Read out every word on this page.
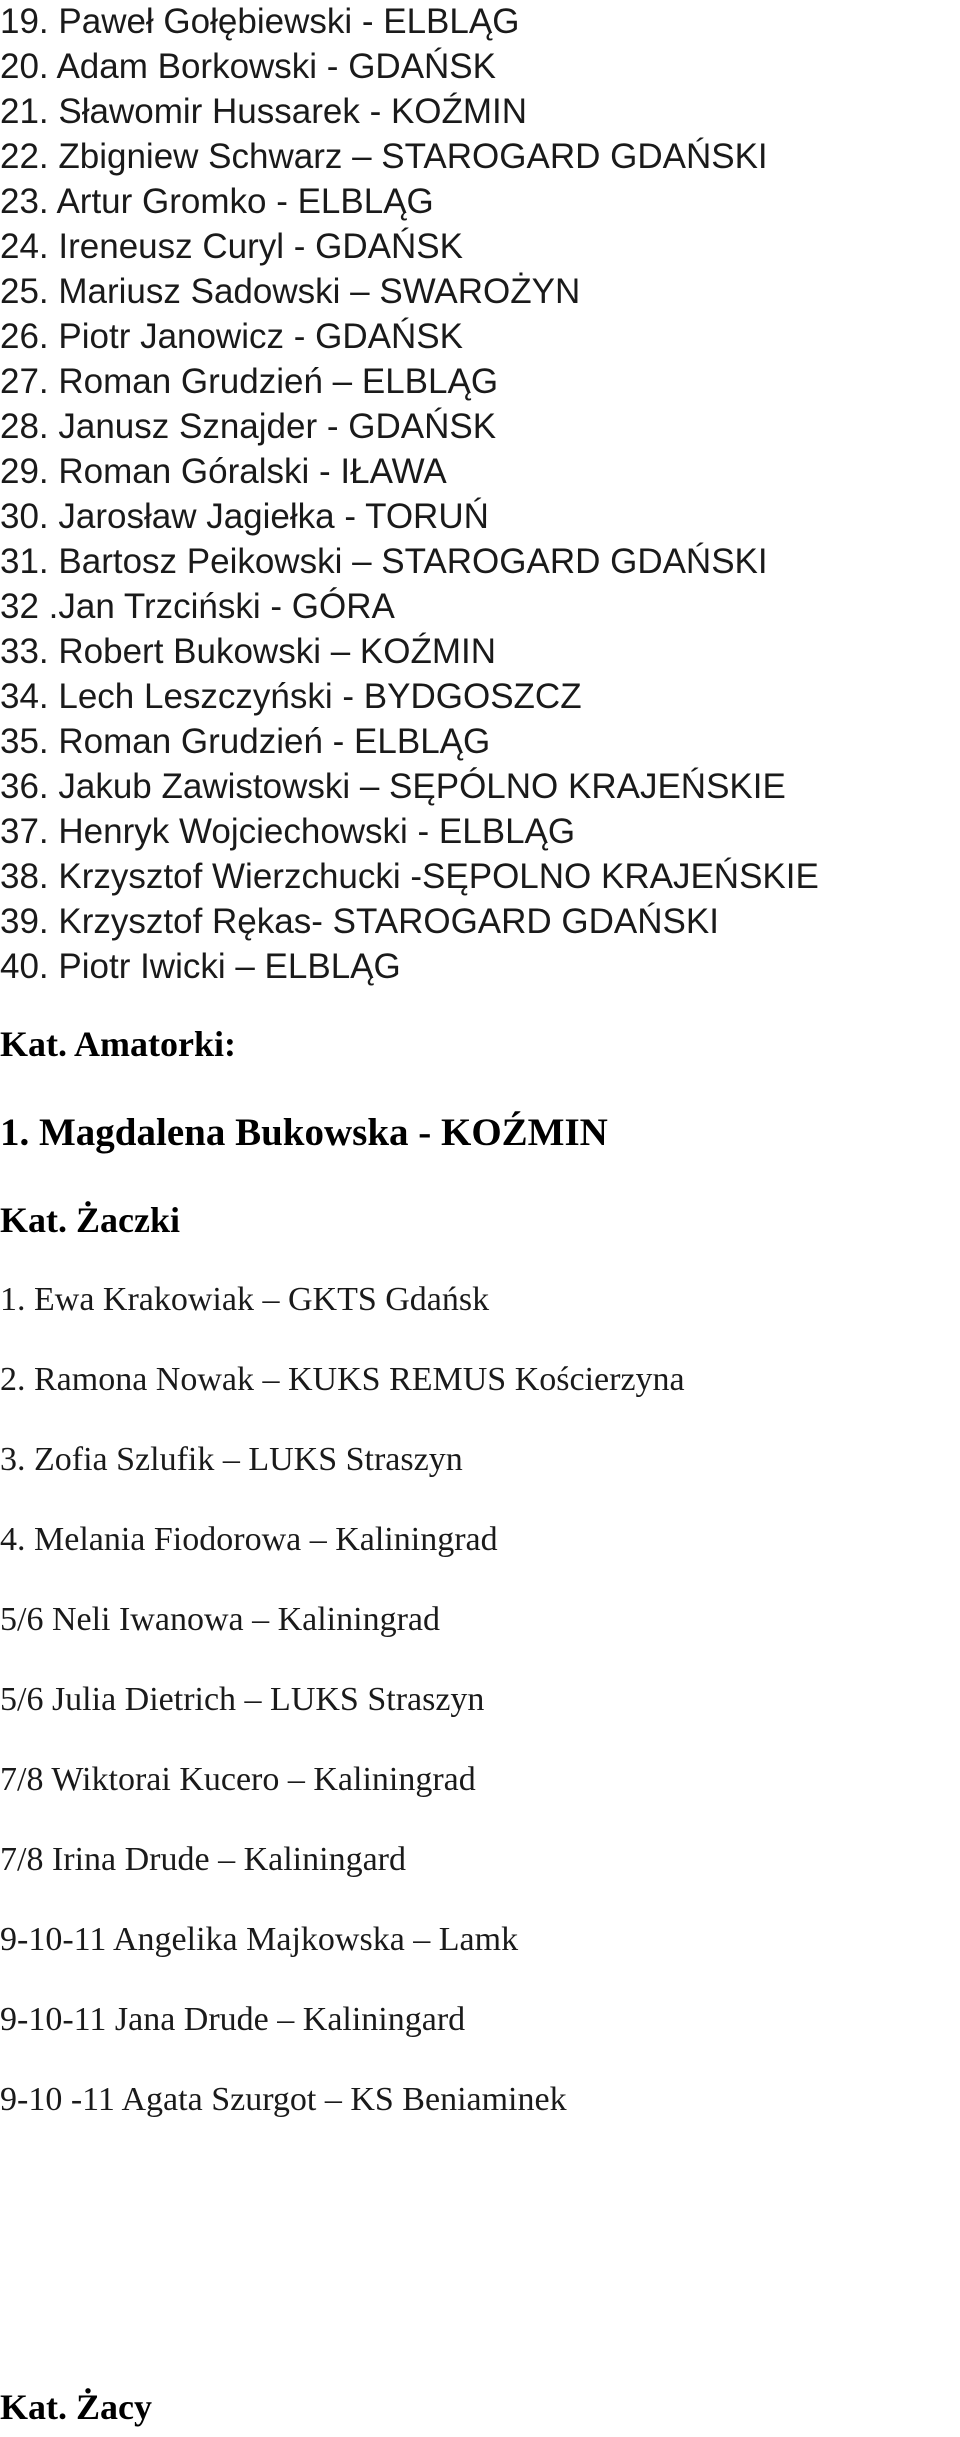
19. Paweł Gołębiewski - ELBLĄG
20. Adam Borkowski - GDAŃSK
21. Sławomir Hussarek - KOŹMIN
22. Zbigniew Schwarz – STAROGARD GDAŃSKI
23. Artur Gromko - ELBLĄG
24. Ireneusz Curyl - GDAŃSK
25. Mariusz Sadowski – SWAROŻYN
26. Piotr Janowicz - GDAŃSK
27. Roman Grudzień – ELBLĄG
28. Janusz Sznajder - GDAŃSK
29. Roman Góralski - IŁAWA
30. Jarosław Jagiełka - TORUŃ
31. Bartosz Peikowski – STAROGARD GDAŃSKI
32 .Jan Trzciński - GÓRA
33. Robert Bukowski – KOŹMIN
34. Lech Leszczyński - BYDGOSZCZ
35. Roman Grudzień - ELBLĄG
36. Jakub Zawistowski – SĘPÓLNO KRAJEŃSKIE
37. Henryk Wojciechowski - ELBLĄG
38. Krzysztof Wierzchucki -SĘPOLNO KRAJEŃSKIE
39. Krzysztof Rękas- STAROGARD GDAŃSKI
40. Piotr Iwicki – ELBLĄG
Kat. Amatorki:
1. Magdalena Bukowska - KOŹMIN
Kat. Żaczki
1. Ewa Krakowiak – GKTS Gdańsk
2. Ramona Nowak – KUKS REMUS Kościerzyna
3. Zofia Szlufik – LUKS Straszyn
4. Melania Fiodorowa – Kaliningrad
5/6 Neli Iwanowa – Kaliningrad
5/6 Julia Dietrich – LUKS Straszyn
7/8 Wiktorai Kucero – Kaliningrad
7/8 Irina Drude – Kaliningard
9-10-11 Angelika Majkowska – Lamk
9-10-11 Jana Drude – Kaliningard
9-10 -11 Agata Szurgot – KS Beniaminek
Kat. Żacy
